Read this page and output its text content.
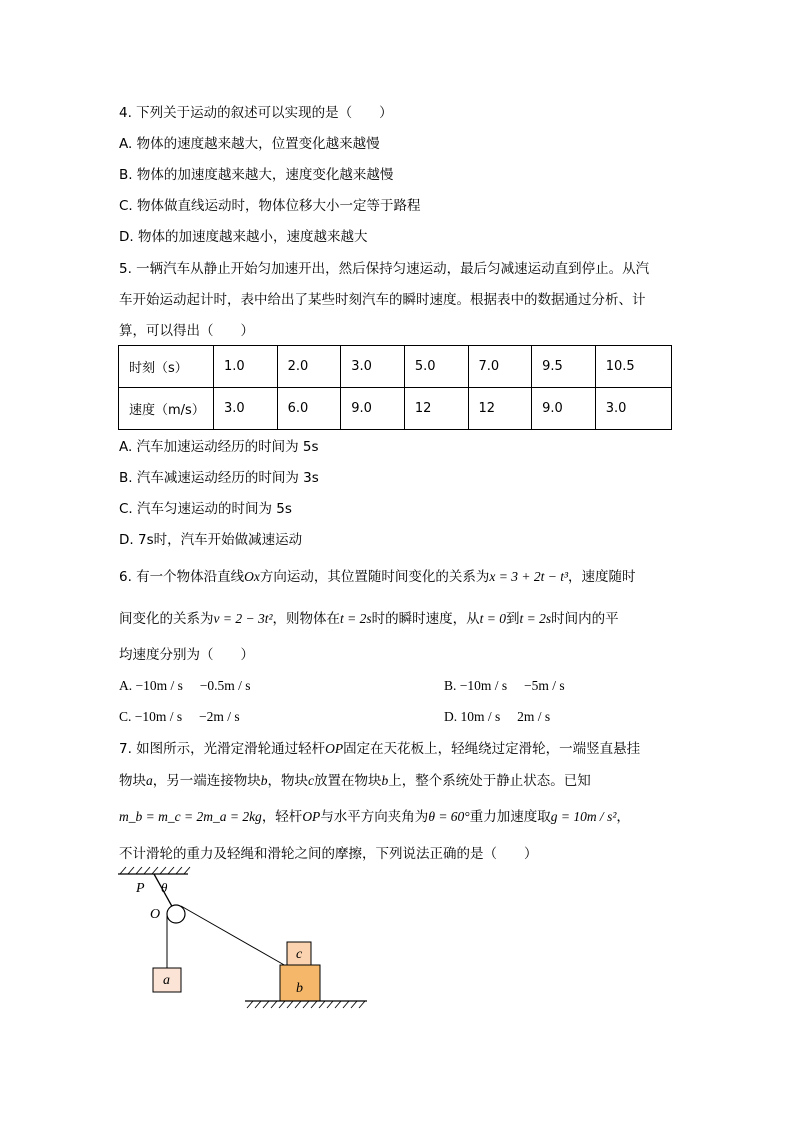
4. 下列关于运动的叙述可以实现的是（　　）
A. 物体的速度越来越大，位置变化越来越慢
B. 物体的加速度越来越大，速度变化越来越慢
C. 物体做直线运动时，物体位移大小一定等于路程
D. 物体的加速度越来越小，速度越来越大
5. 一辆汽车从静止开始匀加速开出，然后保持匀速运动，最后匀减速运动直到停止。从汽
车开始运动起计时，表中给出了某些时刻汽车的瞬时速度。根据表中的数据通过分析、计
算，可以得出（　　）
时刻（s）	1.0	2.0	3.0	5.0	7.0	9.5	10.5
速度（m/s）	3.0	6.0	9.0	12	12	9.0	3.0
A. 汽车加速运动经历的时间为 5s
B. 汽车减速运动经历的时间为 3s
C. 汽车匀速运动的时间为 5s
D. 7s时，汽车开始做减速运动
6. 有一个物体沿直线Ox方向运动，其位置随时间变化的关系为x = 3 + 2t − t³，速度随时
间变化的关系为v = 2 − 3t²，则物体在t = 2s时的瞬时速度，从t = 0到t = 2s时间内的平
均速度分别为（　　）
A. −10m / s　 −0.5m / s	B. −10m / s　 −5m / s
C. −10m / s　 −2m / s	D. 10m / s　 2m / s
7. 如图所示，光滑定滑轮通过轻杆OP固定在天花板上，轻绳绕过定滑轮，一端竖直悬挂
物块a，另一端连接物块b，物块c放置在物块b上，整个系统处于静止状态。已知
m_b = m_c = 2m_a = 2kg，轻杆OP与水平方向夹角为θ = 60°重力加速度取g = 10m / s²，
不计滑轮的重力及轻绳和滑轮之间的摩擦，下列说法正确的是（　　）
P θ
O
a
b
c
